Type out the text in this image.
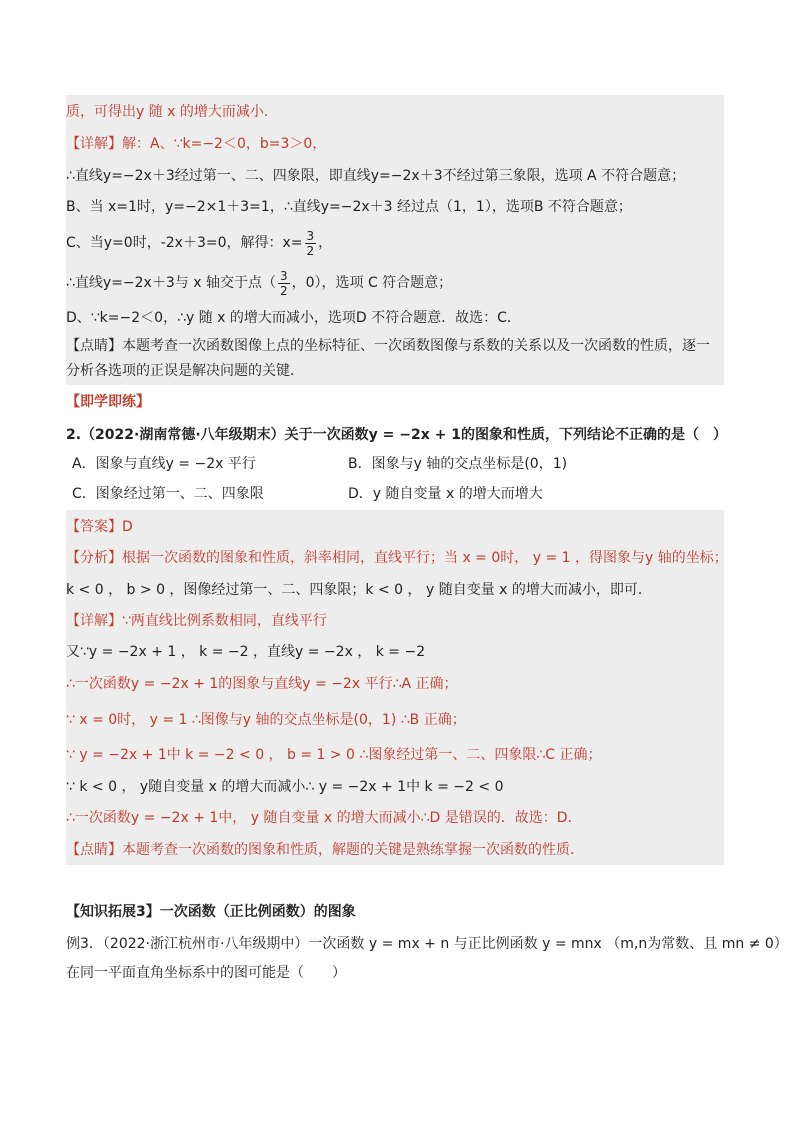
质，可得出y 随 x 的增大而减小．
【详解】解：A、∵k=−2＜0，b=3＞0，
∴直线y=−2x＋3经过第一、二、四象限，即直线y=−2x＋3不经过第三象限，选项 A 不符合题意；
B、当 x=1时，y=−2×1＋3=1，∴直线y=−2x＋3 经过点（1，1），选项B 不符合题意；
C、当y=0时，-2x＋3=0，解得：$x= \frac{3}{2}$ ，
∴直线y=−2x＋3与 x 轴交于点（ $\frac{3}{2}$ ，0），选项 C 符合题意；
D、∵k=−2＜0，∴y 随 x 的增大而减小，选项D 不符合题意．故选：C．
【点睛】本题考查一次函数图像上点的坐标特征、一次函数图像与系数的关系以及一次函数的性质，逐一
分析各选项的正误是解决问题的关键．
【即学即练】
2.（2022·湖南常德·八年级期末）关于一次函数y = −2x + 1的图象和性质，下列结论不正确的是（　）
A．图象与直线y = −2x 平行	B．图象与y 轴的交点坐标是(0，1)
C．图象经过第一、二、四象限	D．y 随自变量 x 的增大而增大
【答案】D
【分析】根据一次函数的图象和性质，斜率相同，直线平行；当 x = 0时， y = 1 ，得图象与y 轴的坐标；
k < 0 ， b > 0 ，图像经过第一、二、四象限；k < 0 ， y 随自变量 x 的增大而减小，即可．
【详解】∵两直线比例系数相同，直线平行
又∵y = −2x + 1 ， k = −2 ，直线y = −2x ， k = −2
∴一次函数y = −2x + 1的图象与直线y = −2x 平行∴A 正确；
∵ x = 0时， y = 1 ∴图像与y 轴的交点坐标是(0，1) ∴B 正确；
∵ y = −2x + 1中 k = −2 < 0 ， b = 1 > 0 ∴图象经过第一、二、四象限∴C 正确；
∵ k < 0 ， y随自变量 x 的增大而减小∴ y = −2x + 1中 k = −2 < 0
∴一次函数y = −2x + 1中， y 随自变量 x 的增大而减小∴D 是错误的．故选：D．
【点睛】本题考查一次函数的图象和性质，解题的关键是熟练掌握一次函数的性质．
【知识拓展3】一次函数（正比例函数）的图象
例3．（2022·浙江杭州市·八年级期中）一次函数 y = mx + n 与正比例函数 y = mnx （m,n为常数、且 mn ≠ 0）
在同一平面直角坐标系中的图可能是（　　）
